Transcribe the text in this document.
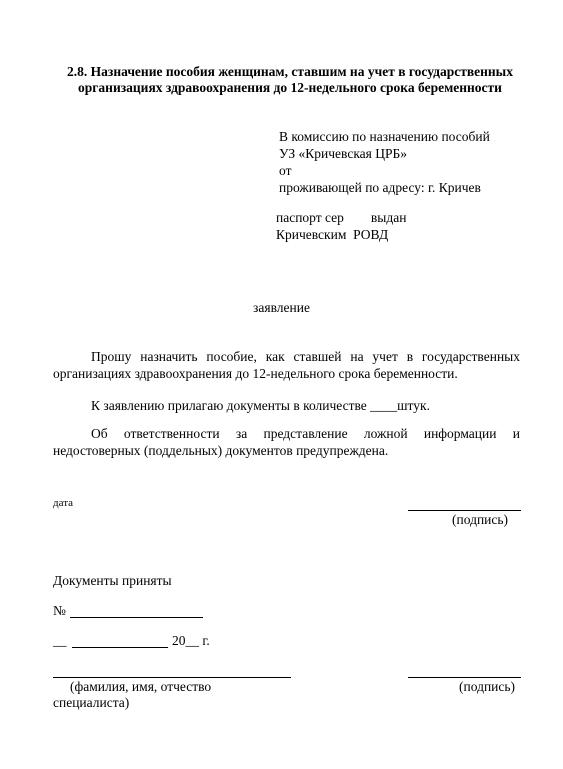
2.8. Назначение пособия женщинам, ставшим на учет в государственных
организациях здравоохранения до 12-недельного срока беременности
В комиссию по назначению пособий
УЗ «Кричевская ЦРБ»
от
проживающей по адресу: г. Кричев
паспорт сер        выдан
Кричевским  РОВД
заявление
Прошу назначить пособие, как ставшей на учет в государственных
организациях здравоохранения до 12-недельного срока беременности.
К заявлению прилагаю документы в количестве ____штук.
Об ответственности за представление ложной информации и
недостоверных (поддельных) документов предупреждена.
дата
(подпись)
Документы приняты
№
__	20__ г.
(фамилия, имя, отчество	(подпись)
специалиста)
